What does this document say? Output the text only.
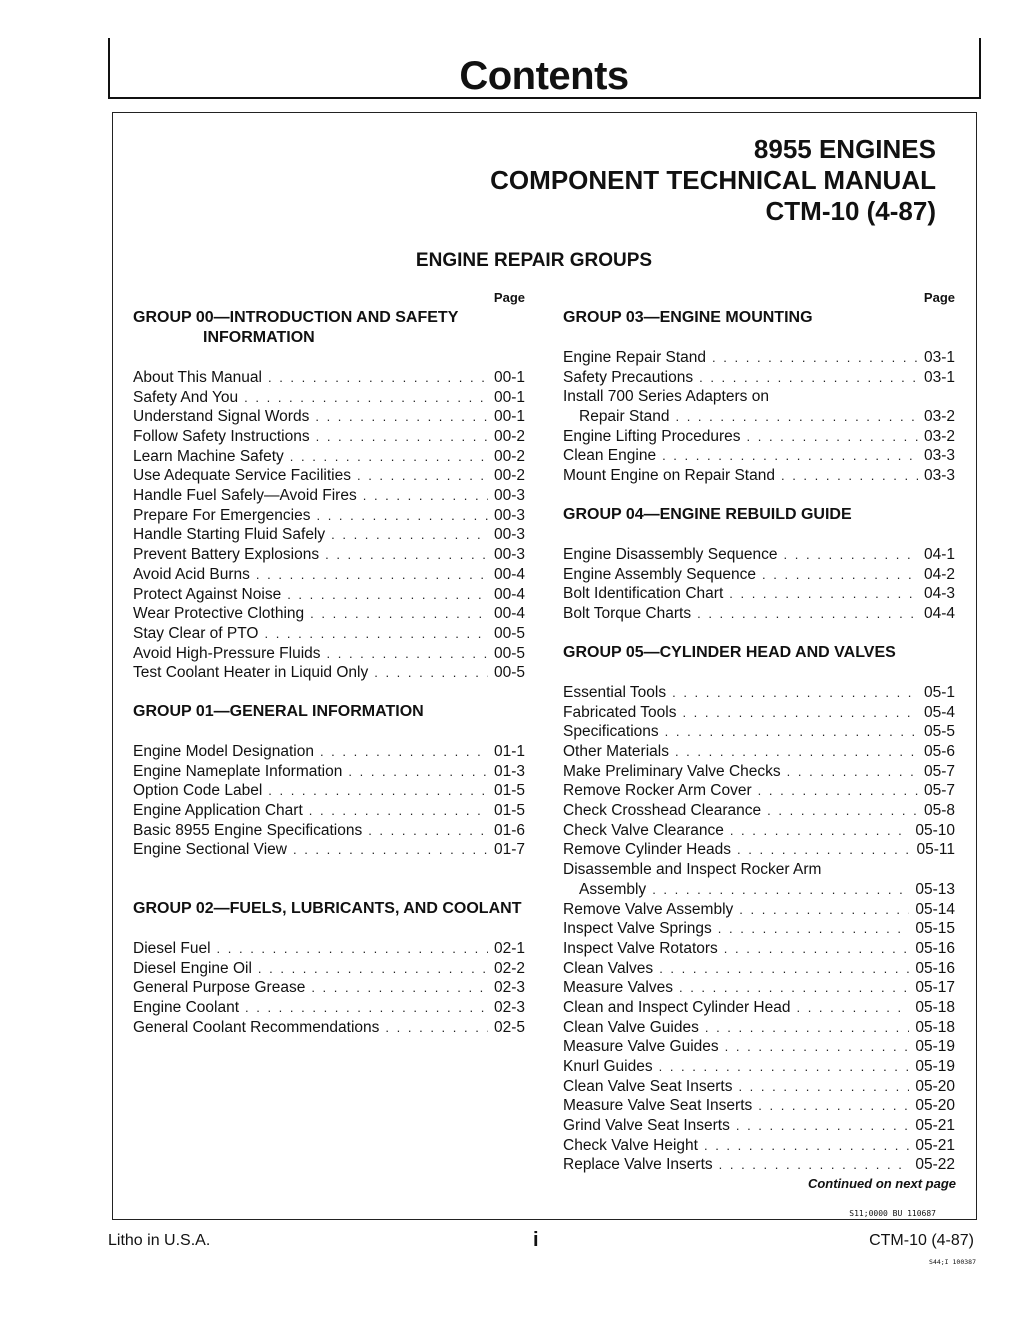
Contents
8955 ENGINES
COMPONENT TECHNICAL MANUAL
CTM-10 (4-87)
ENGINE REPAIR GROUPS
Page
GROUP 00—INTRODUCTION AND SAFETY
INFORMATION
About This Manual . . .	00-1
Safety And You . . .	00-1
Understand Signal Words . . .	00-1
Follow Safety Instructions . . .	00-2
Learn Machine Safety . . .	00-2
Use Adequate Service Facilities . . .	00-2
Handle Fuel Safely—Avoid Fires . . .	00-3
Prepare For Emergencies . . .	00-3
Handle Starting Fluid Safely . . .	00-3
Prevent Battery Explosions . . .	00-3
Avoid Acid Burns . . .	00-4
Protect Against Noise . . .	00-4
Wear Protective Clothing . . .	00-4
Stay Clear of PTO . . .	00-5
Avoid High-Pressure Fluids . . .	00-5
Test Coolant Heater in Liquid Only . . .	00-5
GROUP 01—GENERAL INFORMATION
Engine Model Designation . . .	01-1
Engine Nameplate Information . . .	01-3
Option Code Label . . .	01-5
Engine Application Chart . . .	01-5
Basic 8955 Engine Specifications . . .	01-6
Engine Sectional View . . .	01-7
GROUP 02—FUELS, LUBRICANTS, AND COOLANT
Diesel Fuel . . .	02-1
Diesel Engine Oil . . .	02-2
General Purpose Grease . . .	02-3
Engine Coolant . . .	02-3
General Coolant Recommendations . . .	02-5
Page
GROUP 03—ENGINE MOUNTING
Engine Repair Stand . . .	03-1
Safety Precautions . . .	03-1
Install 700 Series Adapters on
Repair Stand . . .	03-2
Engine Lifting Procedures . . .	03-2
Clean Engine . . .	03-3
Mount Engine on Repair Stand . . .	03-3
GROUP 04—ENGINE REBUILD GUIDE
Engine Disassembly Sequence . . .	04-1
Engine Assembly Sequence . . .	04-2
Bolt Identification Chart . . .	04-3
Bolt Torque Charts . . .	04-4
GROUP 05—CYLINDER HEAD AND VALVES
Essential Tools . . .	05-1
Fabricated Tools . . .	05-4
Specifications . . .	05-5
Other Materials . . .	05-6
Make Preliminary Valve Checks . . .	05-7
Remove Rocker Arm Cover . . .	05-7
Check Crosshead Clearance . . .	05-8
Check Valve Clearance . . .	05-10
Remove Cylinder Heads . . .	05-11
Disassemble and Inspect Rocker Arm
Assembly . . .	05-13
Remove Valve Assembly . . .	05-14
Inspect Valve Springs . . .	05-15
Inspect Valve Rotators . . .	05-16
Clean Valves . . .	05-16
Measure Valves . . .	05-17
Clean and Inspect Cylinder Head . . .	05-18
Clean Valve Guides . . .	05-18
Measure Valve Guides . . .	05-19
Knurl Guides . . .	05-19
Clean Valve Seat Inserts . . .	05-20
Measure Valve Seat Inserts . . .	05-20
Grind Valve Seat Inserts . . .	05-21
Check Valve Height . . .	05-21
Replace Valve Inserts . . .	05-22
Continued on next page
S11;0000 BU 110687
S44;I 100387
Litho in U.S.A.	i	CTM-10 (4-87)
